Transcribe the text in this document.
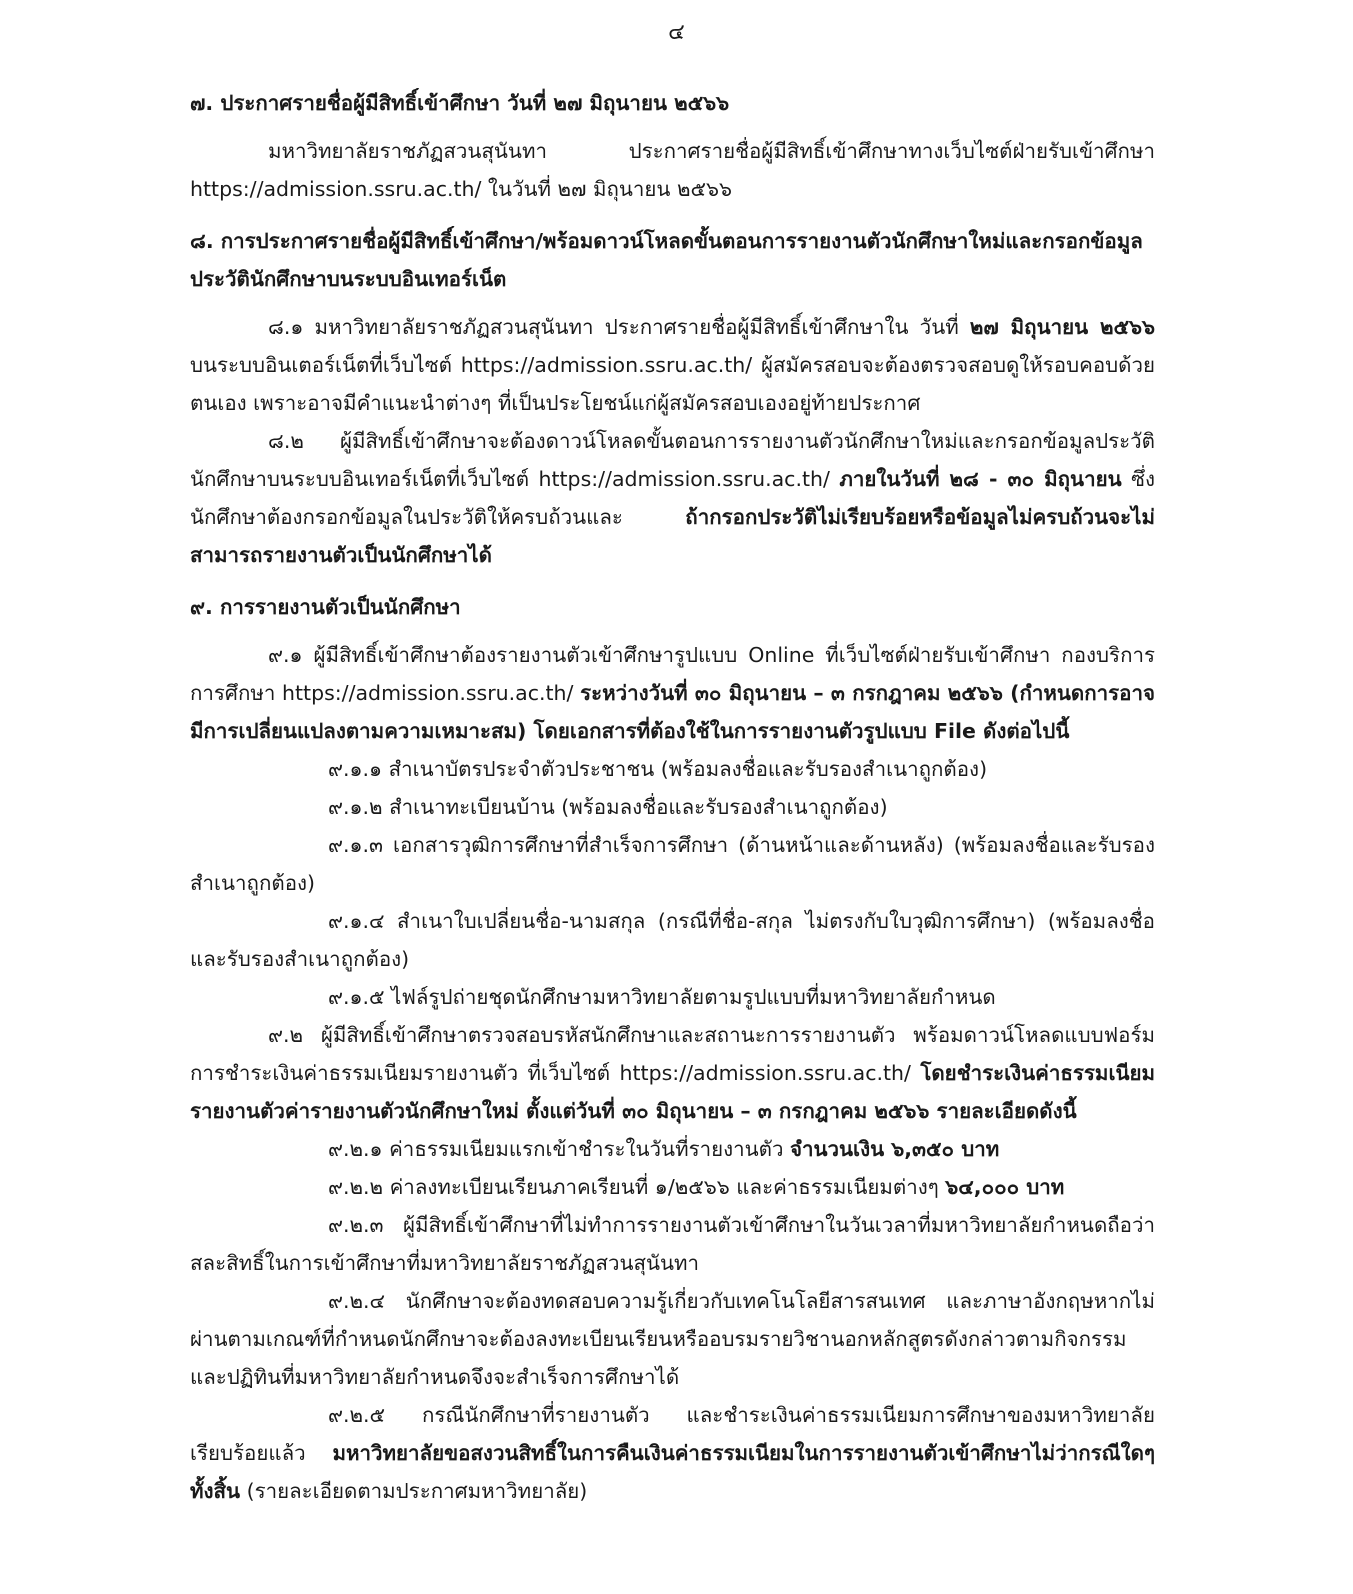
๔
๗. ประกาศรายชื่อผู้มีสิทธิ์เข้าศึกษา วันที่ ๒๗ มิถุนายน ๒๕๖๖
มหาวิทยาลัยราชภัฏสวนสุนันทา ประกาศรายชื่อผู้มีสิทธิ์เข้าศึกษาทางเว็บไซต์ฝ่ายรับเข้าศึกษา https://admission.ssru.ac.th/ ในวันที่ ๒๗ มิถุนายน ๒๕๖๖
๘. การประกาศรายชื่อผู้มีสิทธิ์เข้าศึกษา/พร้อมดาวน์โหลดขั้นตอนการรายงานตัวนักศึกษาใหม่และกรอกข้อมูลประวัตินักศึกษาบนระบบอินเทอร์เน็ต
๘.๑ มหาวิทยาลัยราชภัฏสวนสุนันทา ประกาศรายชื่อผู้มีสิทธิ์เข้าศึกษาใน วันที่ ๒๗ มิถุนายน ๒๕๖๖ บนระบบอินเตอร์เน็ตที่เว็บไซต์ https://admission.ssru.ac.th/ ผู้สมัครสอบจะต้องตรวจสอบดูให้รอบคอบด้วยตนเอง เพราะอาจมีคำแนะนำต่างๆ ที่เป็นประโยชน์แก่ผู้สมัครสอบเองอยู่ท้ายประกาศ
๘.๒ ผู้มีสิทธิ์เข้าศึกษาจะต้องดาวน์โหลดขั้นตอนการรายงานตัวนักศึกษาใหม่และกรอกข้อมูลประวัตินักศึกษาบนระบบอินเทอร์เน็ตที่เว็บไซต์ https://admission.ssru.ac.th/ ภายในวันที่ ๒๘ - ๓๐ มิถุนายน ซึ่งนักศึกษาต้องกรอกข้อมูลในประวัติให้ครบถ้วนและ ถ้ากรอกประวัติไม่เรียบร้อยหรือข้อมูลไม่ครบถ้วนจะไม่สามารถรายงานตัวเป็นนักศึกษาได้
๙. การรายงานตัวเป็นนักศึกษา
๙.๑ ผู้มีสิทธิ์เข้าศึกษาต้องรายงานตัวเข้าศึกษารูปแบบ Online ที่เว็บไซต์ฝ่ายรับเข้าศึกษา กองบริการการศึกษา https://admission.ssru.ac.th/ ระหว่างวันที่ ๓๐ มิถุนายน – ๓ กรกฎาคม ๒๕๖๖ (กำหนดการอาจมีการเปลี่ยนแปลงตามความเหมาะสม) โดยเอกสารที่ต้องใช้ในการรายงานตัวรูปแบบ File ดังต่อไปนี้
๙.๑.๑ สำเนาบัตรประจำตัวประชาชน (พร้อมลงชื่อและรับรองสำเนาถูกต้อง)
๙.๑.๒ สำเนาทะเบียนบ้าน (พร้อมลงชื่อและรับรองสำเนาถูกต้อง)
๙.๑.๓ เอกสารวุฒิการศึกษาที่สำเร็จการศึกษา (ด้านหน้าและด้านหลัง) (พร้อมลงชื่อและรับรองสำเนาถูกต้อง)
๙.๑.๔ สำเนาใบเปลี่ยนชื่อ-นามสกุล (กรณีที่ชื่อ-สกุล ไม่ตรงกับใบวุฒิการศึกษา) (พร้อมลงชื่อและรับรองสำเนาถูกต้อง)
๙.๑.๕ ไฟล์รูปถ่ายชุดนักศึกษามหาวิทยาลัยตามรูปแบบที่มหาวิทยาลัยกำหนด
๙.๒ ผู้มีสิทธิ์เข้าศึกษาตรวจสอบรหัสนักศึกษาและสถานะการรายงานตัว พร้อมดาวน์โหลดแบบฟอร์มการชำระเงินค่าธรรมเนียมรายงานตัว ที่เว็บไซต์ https://admission.ssru.ac.th/ โดยชำระเงินค่าธรรมเนียมรายงานตัวค่ารายงานตัวนักศึกษาใหม่ ตั้งแต่วันที่ ๓๐ มิถุนายน – ๓ กรกฎาคม ๒๕๖๖ รายละเอียดดังนี้
๙.๒.๑ ค่าธรรมเนียมแรกเข้าชำระในวันที่รายงานตัว จำนวนเงิน ๖,๓๕๐ บาท
๙.๒.๒ ค่าลงทะเบียนเรียนภาคเรียนที่ ๑/๒๕๖๖ และค่าธรรมเนียมต่างๆ ๖๔,๐๐๐ บาท
๙.๒.๓ ผู้มีสิทธิ์เข้าศึกษาที่ไม่ทำการรายงานตัวเข้าศึกษาในวันเวลาที่มหาวิทยาลัยกำหนดถือว่าสละสิทธิ์ในการเข้าศึกษาที่มหาวิทยาลัยราชภัฏสวนสุนันทา
๙.๒.๔ นักศึกษาจะต้องทดสอบความรู้เกี่ยวกับเทคโนโลยีสารสนเทศ และภาษาอังกฤษหากไม่ผ่านตามเกณฑ์ที่กำหนดนักศึกษาจะต้องลงทะเบียนเรียนหรืออบรมรายวิชานอกหลักสูตรดังกล่าวตามกิจกรรมและปฏิทินที่มหาวิทยาลัยกำหนดจึงจะสำเร็จการศึกษาได้
๙.๒.๕ กรณีนักศึกษาที่รายงานตัว และชำระเงินค่าธรรมเนียมการศึกษาของมหาวิทยาลัยเรียบร้อยแล้ว มหาวิทยาลัยขอสงวนสิทธิ์ในการคืนเงินค่าธรรมเนียมในการรายงานตัวเข้าศึกษาไม่ว่ากรณีใดๆ ทั้งสิ้น (รายละเอียดตามประกาศมหาวิทยาลัย)
